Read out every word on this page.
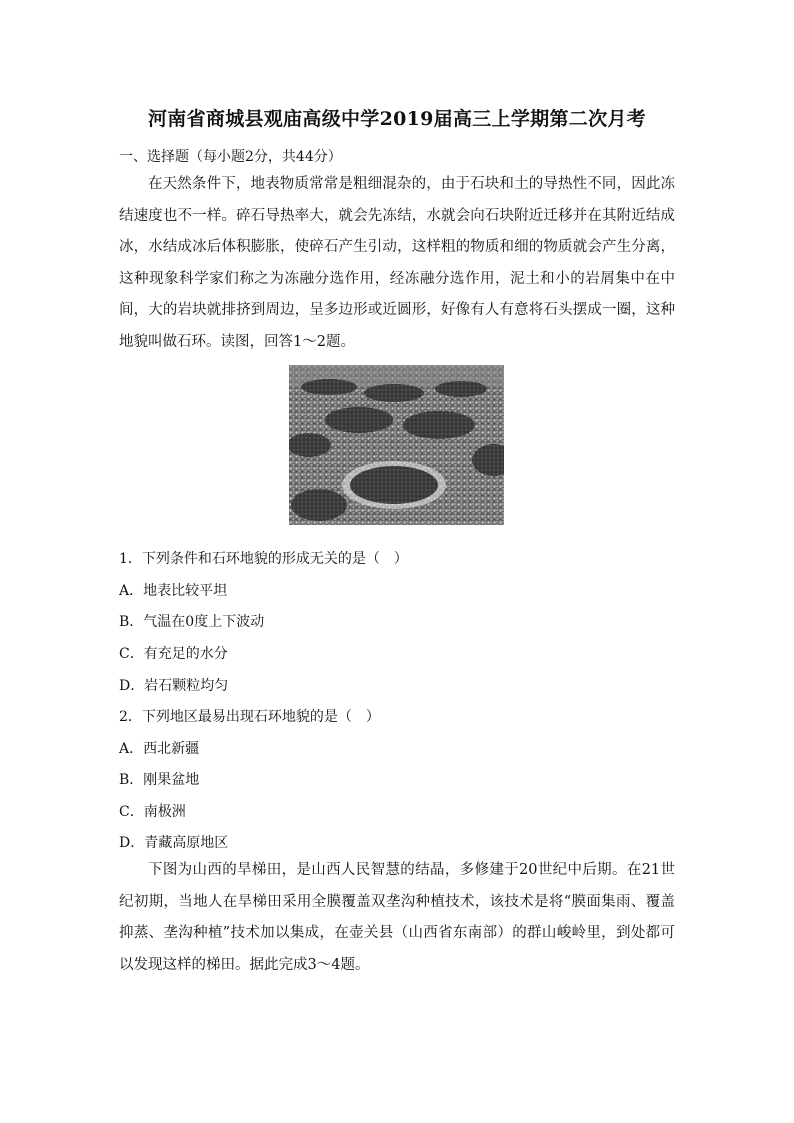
河南省商城县观庙高级中学2019届高三上学期第二次月考
一、选择题（每小题2分，共44分）
在天然条件下，地表物质常常是粗细混杂的，由于石块和土的导热性不同，因此冻结速度也不一样。碎石导热率大，就会先冻结，水就会向石块附近迁移并在其附近结成冰，水结成冰后体积膨胀，使碎石产生引动，这样粗的物质和细的物质就会产生分离，这种现象科学家们称之为冻融分选作用，经冻融分选作用，泥土和小的岩屑集中在中间，大的岩块就排挤到周边，呈多边形或近圆形，好像有人有意将石头摆成一圈，这种地貌叫做石环。读图，回答1～2题。
1．下列条件和石环地貌的形成无关的是（　）
A．地表比较平坦
B．气温在0度上下波动
C．有充足的水分
D．岩石颗粒均匀
2．下列地区最易出现石环地貌的是（　）
A．西北新疆
B．刚果盆地
C．南极洲
D．青藏高原地区
下图为山西的旱梯田，是山西人民智慧的结晶，多修建于20世纪中后期。在21世纪初期，当地人在旱梯田采用全膜覆盖双垄沟种植技术，该技术是将“膜面集雨、覆盖抑蒸、垄沟种植”技术加以集成，在壶关县（山西省东南部）的群山峻岭里，到处都可以发现这样的梯田。据此完成3～4题。
